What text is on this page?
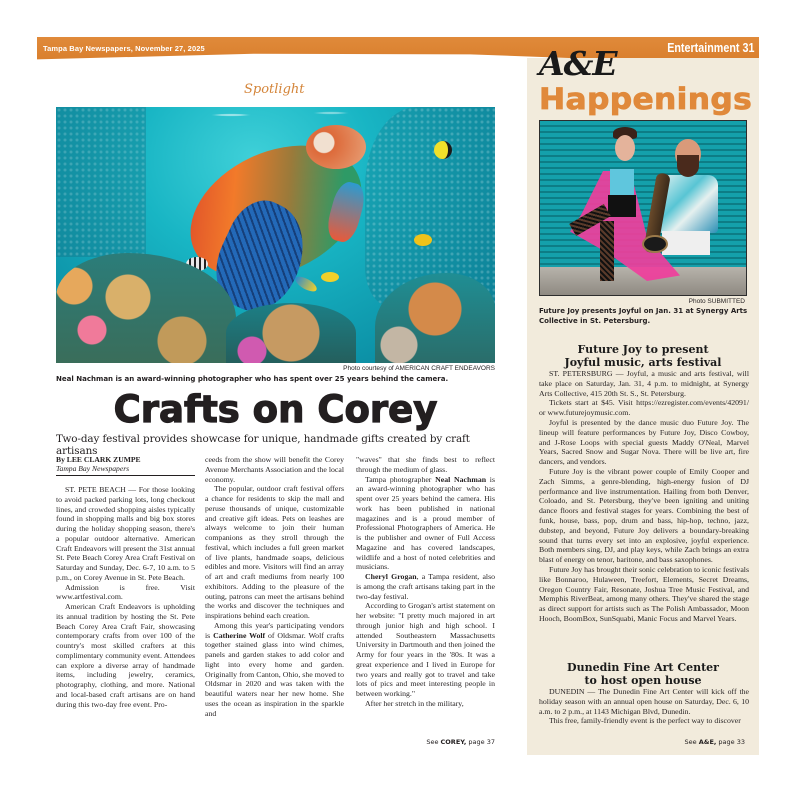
Tampa Bay Newspapers, November 27, 2025	Entertainment 31
A&E
Happenings
Photo SUBMITTED
Future Joy presents Joyful on Jan. 31 at Synergy Arts Collective in St. Petersburg.
Future Joy to present
Joyful music, arts festival

ST. PETERSBURG — Joyful, a music and arts festival, will take place on Saturday, Jan. 31, 4 p.m. to midnight, at Synergy Arts Collective, 415 20th St. S., St. Petersburg.

Tickets start at $45. Visit https://ezregister.com/events/42091/ or www.futurejoymusic.com.

Joyful is presented by the dance music duo Future Joy. The lineup will feature performances by Future Joy, Disco Cowboy, and J-Rose Loops with special guests Maddy O'Neal, Marvel Years, Sacred Snow and Sugar Nova. There will be live art, fire dancers, and vendors.

Future Joy is the vibrant power couple of Emily Cooper and Zach Simms, a genre-blending, high-energy fusion of DJ performance and live instrumentation. Hailing from both Denver, Coloado, and St. Petersburg, they've been igniting and uniting dance floors and festival stages for years. Combining the best of funk, house, bass, pop, drum and bass, hip-hop, techno, jazz, dubstep, and beyond, Future Joy delivers a boundary-breaking sound that turns every set into an explosive, joyful experience. Both members sing, DJ, and play keys, while Zach brings an extra blast of energy on tenor, baritone, and bass saxophones.

Future Joy has brought their sonic celebration to iconic festivals like Bonnaroo, Hulaween, Treefort, Elements, Secret Dreams, Oregon Country Fair, Resonate, Joshua Tree Music Festival, and Memphis RiverBeat, among many others. They've shared the stage as direct support for artists such as The Polish Ambassador, Moon Hooch, BoomBox, SunSquabi, Manic Focus and Marvel Years.

Dunedin Fine Art Center
to host open house

DUNEDIN — The Dunedin Fine Art Center will kick off the holiday season with an annual open house on Saturday, Dec. 6, 10 a.m. to 2 p.m., at 1143 Michigan Blvd, Dunedin.

This free, family-friendly event is the perfect way to discover

See A&E, page 33
Spotlight
Photo courtesy of AMERICAN CRAFT ENDEAVORS
Neal Nachman is an award-winning photographer who has spent over 25 years behind the camera.
Crafts on Corey
Two-day festival provides showcase for unique, handmade gifts created by craft artisans
By LEE CLARK ZUMPE
Tampa Bay Newspapers

ST. PETE BEACH — For those looking to avoid packed parking lots, long checkout lines, and crowded shopping aisles typically found in shopping malls and big box stores during the holiday shopping season, there's a popular outdoor alternative. American Craft Endeavors will present the 31st annual St. Pete Beach Corey Area Craft Festival on Saturday and Sunday, Dec. 6-7, 10 a.m. to 5 p.m., on Corey Avenue in St. Pete Beach.

Admission is free. Visit www.artfestival.com.

American Craft Endeavors is upholding its annual tradition by hosting the St. Pete Beach Corey Area Craft Fair, showcasing contemporary crafts from over 100 of the country's most skilled crafters at this complimentary community event. Attendees can explore a diverse array of handmade items, including jewelry, ceramics, photography, clothing, and more. National and local-based craft artisans are on hand during this two-day free event. Pro-

ceeds from the show will benefit the Corey Avenue Merchants Association and the local economy.

The popular, outdoor craft festival offers a chance for residents to skip the mall and peruse thousands of unique, customizable and creative gift ideas. Pets on leashes are always welcome to join their human companions as they stroll through the festival, which includes a full green market of live plants, handmade soaps, delicious edibles and more. Visitors will find an array of art and craft mediums from nearly 100 exhibitors. Adding to the pleasure of the outing, patrons can meet the artisans behind the works and discover the techniques and inspirations behind each creation.

Among this year's participating vendors is Catherine Wolf of Oldsmar. Wolf crafts together stained glass into wind chimes, panels and garden stakes to add color and light into every home and garden. Originally from Canton, Ohio, she moved to Oldsmar in 2020 and was taken with the beautiful waters near her new home. She uses the ocean as inspiration in the sparkle and

"waves" that she finds best to reflect through the medium of glass.

Tampa photographer Neal Nachman is an award-winning photographer who has spent over 25 years behind the camera. His work has been published in national magazines and is a proud member of Professional Photographers of America. He is the publisher and owner of Full Access Magazine and has covered landscapes, wildlife and a host of noted celebrities and musicians.

Cheryl Grogan, a Tampa resident, also is among the craft artisans taking part in the two-day festival.

According to Grogan's artist statement on her website: "I pretty much majored in art through junior high and high school. I attended Southeastern Massachusetts University in Dartmouth and then joined the Army for four years in the '80s. It was a great experience and I lived in Europe for two years and really got to travel and take lots of pics and meet interesting people in between working."

After her stretch in the military,

See COREY, page 37
